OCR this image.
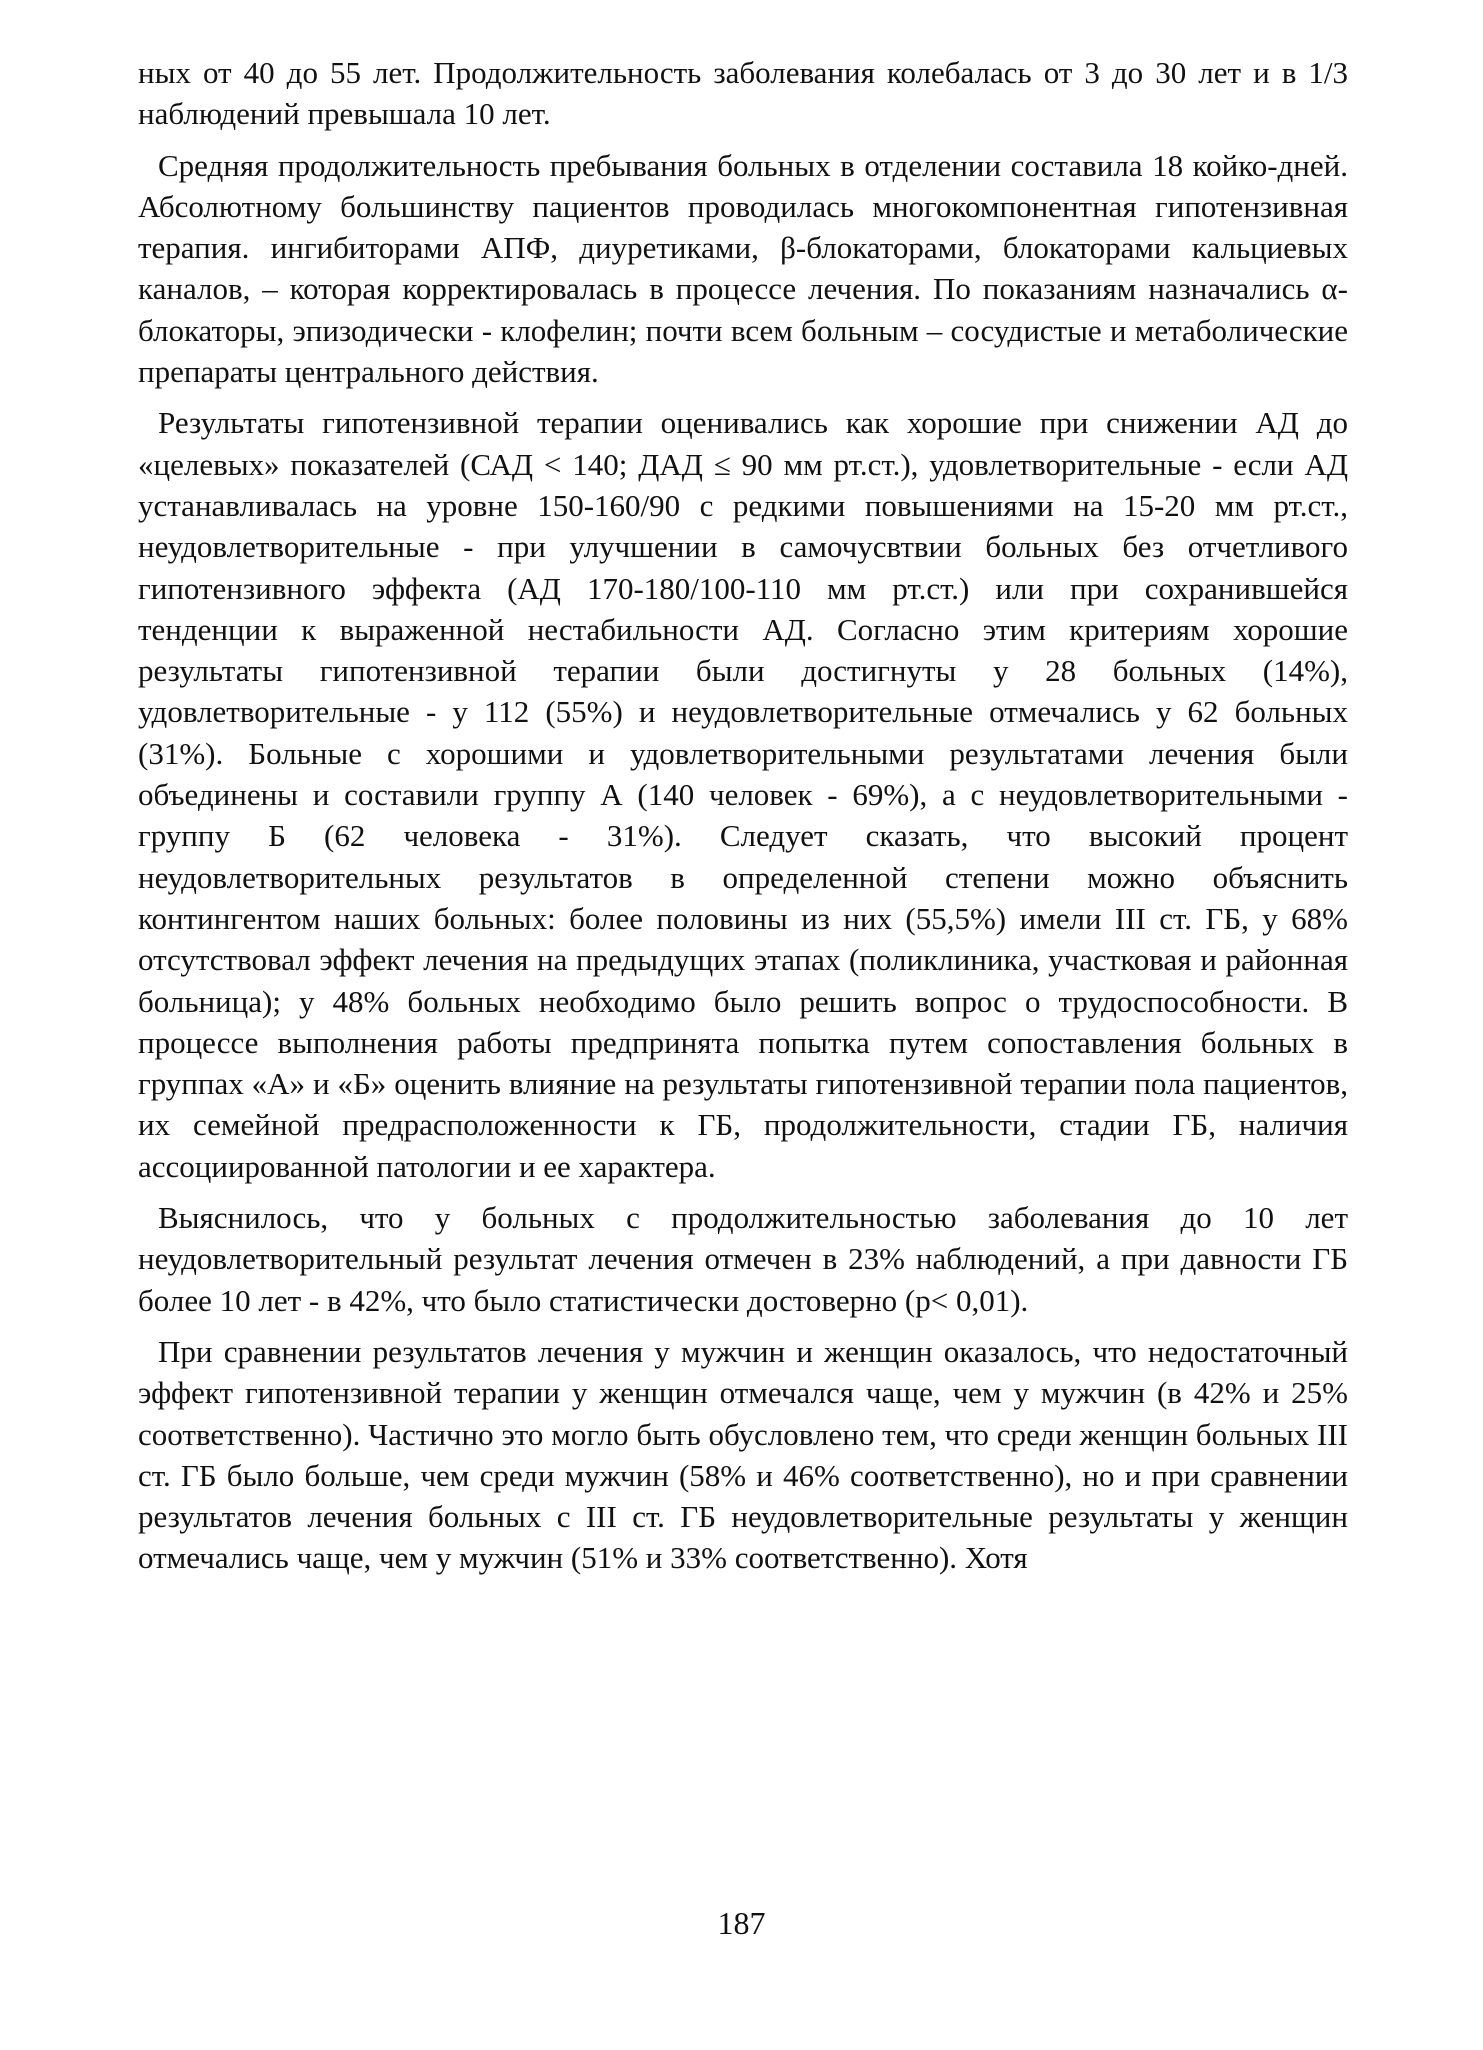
ных от 40 до 55 лет. Продолжительность заболевания колебалась от 3 до 30 лет и в 1/3 наблюдений превышала 10 лет.

Средняя продолжительность пребывания больных в отделении составила 18 койко-дней. Абсолютному большинству пациентов проводилась многокомпонентная гипотензивная терапия. ингибиторами АПФ, диуретиками, β-блокаторами, блокаторами кальциевых каналов, – которая корректировалась в процессе лечения. По показаниям назначались α-блокаторы, эпизодически - клофелин; почти всем больным – сосудистые и метаболические препараты центрального действия.

Результаты гипотензивной терапии оценивались как хорошие при снижении АД до «целевых» показателей (САД < 140; ДАД ≤ 90 мм рт.ст.), удовлетворительные - если АД устанавливалась на уровне 150-160/90 с редкими повышениями на 15-20 мм рт.ст., неудовлетворительные - при улучшении в самочусвтвии больных без отчетливого гипотензивного эффекта (АД 170-180/100-110 мм рт.ст.) или при сохранившейся тенденции к выраженной нестабильности АД. Согласно этим критериям хорошие результаты гипотензивной терапии были достигнуты у 28 больных (14%), удовлетворительные - у 112 (55%) и неудовлетворительные отмечались у 62 больных (31%). Больные с хорошими и удовлетворительными результатами лечения были объединены и составили группу А (140 человек - 69%), а с неудовлетворительными - группу Б (62 человека - 31%). Следует сказать, что высокий процент неудовлетворительных результатов в определенной степени можно объяснить контингентом наших больных: более половины из них (55,5%) имели III ст. ГБ, у 68% отсутствовал эффект лечения на предыдущих этапах (поликлиника, участковая и районная больница); у 48% больных необходимо было решить вопрос о трудоспособности. В процессе выполнения работы предпринята попытка путем сопоставления больных в группах «А» и «Б» оценить влияние на результаты гипотензивной терапии пола пациентов, их семейной предрасположенности к ГБ, продолжительности, стадии ГБ, наличия ассоциированной патологии и ее характера.

Выяснилось, что у больных с продолжительностью заболевания до 10 лет неудовлетворительный результат лечения отмечен в 23% наблюдений, а при давности ГБ более 10 лет - в 42%, что было статистически достоверно (p< 0,01).

При сравнении результатов лечения у мужчин и женщин оказалось, что недостаточный эффект гипотензивной терапии у женщин отмечался чаще, чем у мужчин (в 42% и 25% соответственно). Частично это могло быть обусловлено тем, что среди женщин больных III ст. ГБ было больше, чем среди мужчин (58% и 46% соответственно), но и при сравнении результатов лечения больных с III ст. ГБ неудовлетворительные результаты у женщин отмечались чаще, чем у мужчин (51% и 33% соответственно). Хотя

187
